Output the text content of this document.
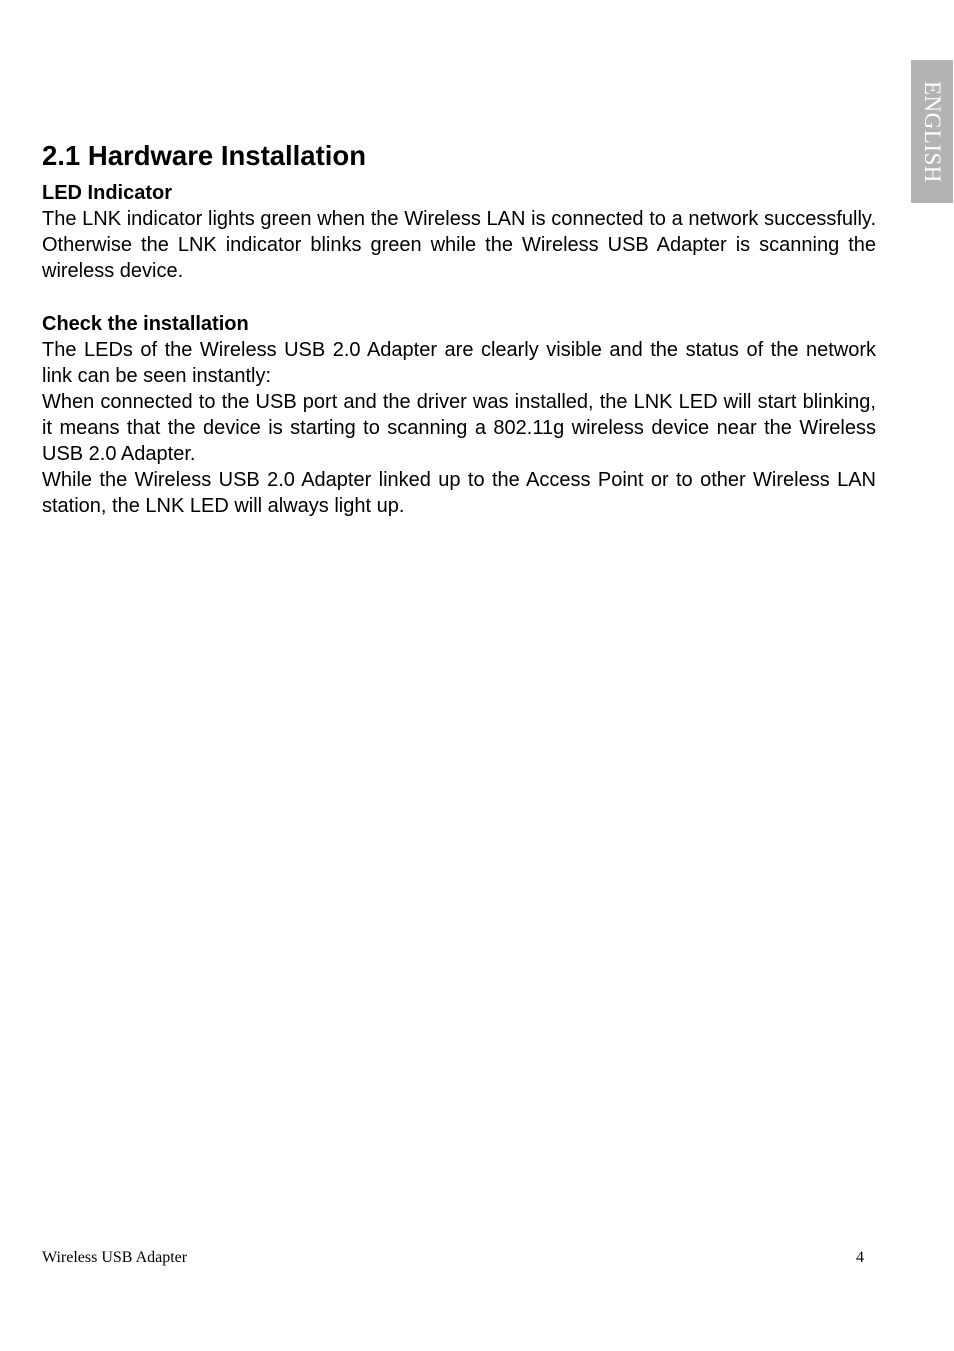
ENGLISH
2.1 Hardware Installation
LED Indicator

The LNK indicator lights green when the Wireless LAN is connected to a network successfully. Otherwise the LNK indicator blinks green while the Wireless USB Adapter is scanning the wireless device.

Check the installation

The LEDs of the Wireless USB 2.0 Adapter are clearly visible and the status of the network link can be seen instantly:

When connected to the USB port and the driver was installed, the LNK LED will start blinking, it means that the device is starting to scanning a 802.11g wireless device near the Wireless USB 2.0 Adapter.

While the Wireless USB 2.0 Adapter linked up to the Access Point or to other Wireless LAN station, the LNK LED will always light up.

Wireless USB Adapter	4
